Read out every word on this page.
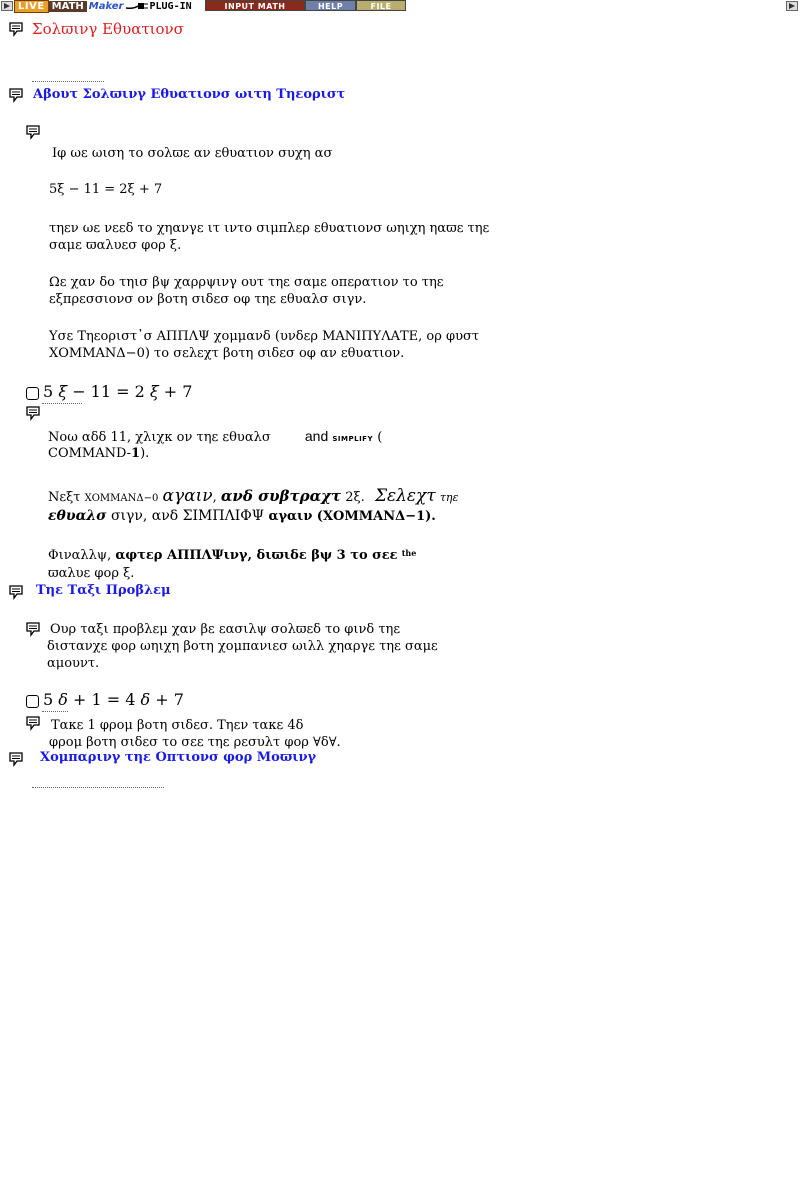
LIVE MATH Maker	PLUG-IN	INPUT MATH	HELP	FILE
Σολϖινγ Εθυατιονσ
Αβουτ Σολϖινγ Εθυατιονσ ωιτη Τηεοριστ
Ιφ ωε ωιση το σολϖε αν εθυατιον συχη ασ
5ξ − 11 = 2ξ + 7
τηεν ωε νεεδ το χηανγε ιτ ιντο σιμπλερ εθυατιονσ ωηιχη ηαϖε τηε
σαμε ϖαλυεσ φορ ξ.
Ωε χαν δο τηισ βψ χαρρψινγ ουτ τηε σαμε οπερατιον το τηε
εξπρεσσιονσ ον βοτη σιδεσ οφ τηε εθυαλσ σιγν.
Υσε Τηεοριστ᾽σ ΑΠΠΛΨ χομμανδ (υνδερ ΜΑΝΙΠΥΛΑΤΕ, ορ φυστ
ΧΟΜΜΑΝΔ−0) το σελεχτ βοτη σιδεσ οφ αν εθυατιον.
5 ξ − 11 = 2 ξ + 7
Νοω αδδ 11, χλιχκ ον τηε εθυαλσ and SIMPLIFY (
COMMAND-1).
Νεξτ ΧΟΜΜΑΝΔ−0 αγαιν, ανδ συβτραχτ 2ξ. Σελεχτ τηε
εθυαλσ σιγν, ανδ ΣΙΜΠΛΙΦΨ αγαιν (ΧΟΜΜΑΝΔ−1).
Φιναλλψ, αφτερ ΑΠΠΛΨινγ, διϖιδε βψ 3 το σεε $^{the}$
ϖαλυε φορ ξ.
Τηε Ταξι Προβλεμ
Ουρ ταξι προβλεμ χαν βε εασιλψ σολϖεδ το φινδ τηε
διστανχε φορ ωηιχη βοτη χομπανιεσ ωιλλ χηαργε τηε σαμε
αμουντ.
5 δ + 1 = 4 δ + 7
Τακε 1 φρομ βοτη σιδεσ. Τηεν τακε 4δ
φρομ βοτη σιδεσ το σεε τηε ρεσυλτ φορ ∀δ∀.
Χομπαρινγ τηε Οπτιονσ φορ Μοϖινγ
